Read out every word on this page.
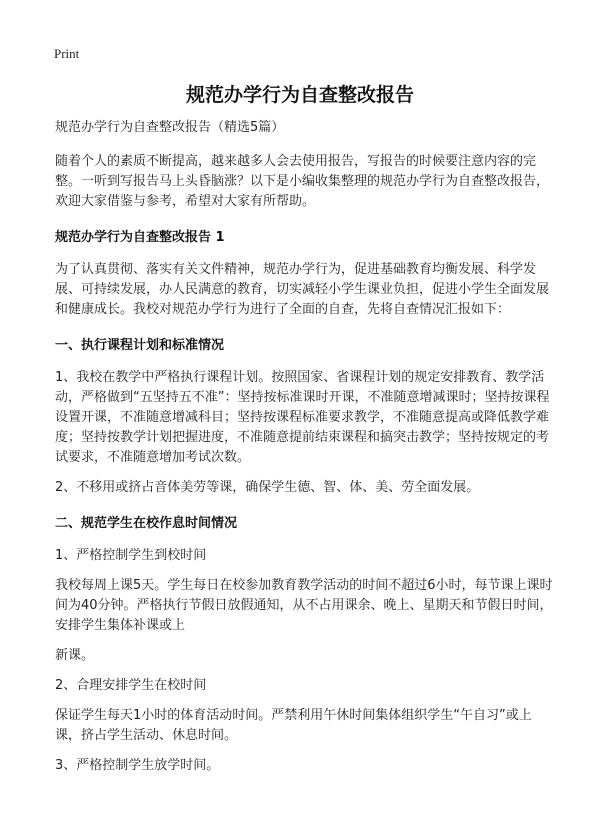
Print
规范办学行为自查整改报告

规范办学行为自查整改报告（精选5篇）

随着个人的素质不断提高，越来越多人会去使用报告，写报告的时候要注意内容的完整。一听到写报告马上头昏脑涨？以下是小编收集整理的规范办学行为自查整改报告，欢迎大家借鉴与参考，希望对大家有所帮助。

规范办学行为自查整改报告 1

为了认真贯彻、落实有关文件精神，规范办学行为，促进基础教育均衡发展、科学发展、可持续发展，办人民满意的教育，切实减轻小学生课业负担，促进小学生全面发展和健康成长。我校对规范办学行为进行了全面的自查，先将自查情况汇报如下：

一、执行课程计划和标准情况

1、我校在教学中严格执行课程计划。按照国家、省课程计划的规定安排教育、教学活动，严格做到“五坚持五不准”：坚持按标准课时开课，不准随意增减课时；坚持按课程设置开课，不准随意增减科目；坚持按课程标准要求教学，不准随意提高或降低教学难度；坚持按教学计划把握进度，不准随意提前结束课程和搞突击教学；坚持按规定的考试要求，不准随意增加考试次数。

2、不移用或挤占音体美劳等课，确保学生德、智、体、美、劳全面发展。

二、规范学生在校作息时间情况

1、严格控制学生到校时间

我校每周上课5天。学生每日在校参加教育教学活动的时间不超过6小时，每节课上课时间为40分钟。严格执行节假日放假通知，从不占用课余、晚上、星期天和节假日时间，安排学生集体补课或上

新课。

2、合理安排学生在校时间

保证学生每天1小时的体育活动时间。严禁利用午休时间集体组织学生“午自习”或上课，挤占学生活动、休息时间。

3、严格控制学生放学时间。
